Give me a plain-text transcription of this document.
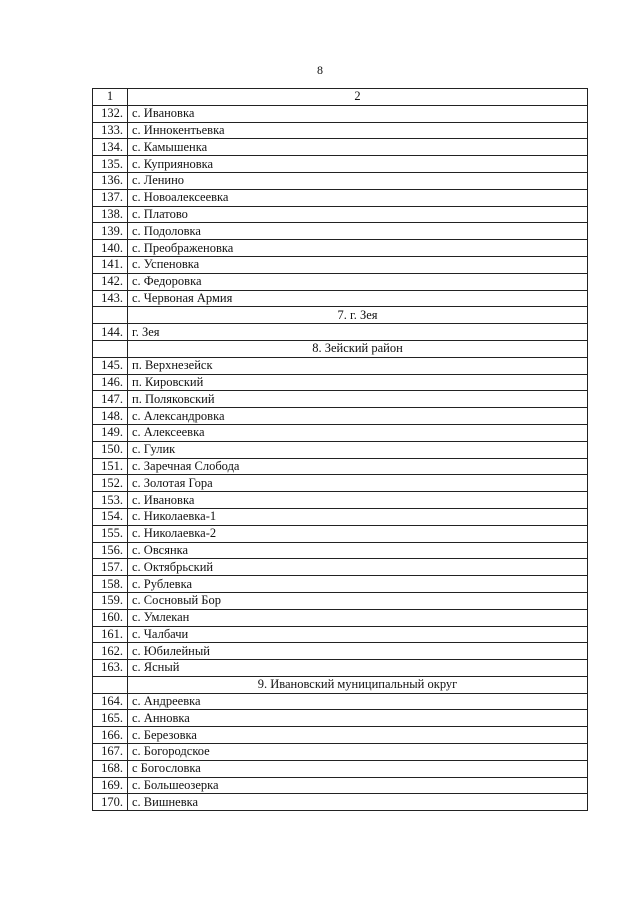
8
1	2
132.	с. Ивановка
133.	с. Иннокентьевка
134.	с. Камышенка
135.	с. Куприяновка
136.	с. Ленино
137.	с. Новоалексеевка
138.	с. Платово
139.	с. Подоловка
140.	с. Преображеновка
141.	с. Успеновка
142.	с. Федоровка
143.	с. Червоная Армия
	7. г. Зея
144.	г. Зея
	8. Зейский район
145.	п. Верхнезейск
146.	п. Кировский
147.	п. Поляковский
148.	с. Александровка
149.	с. Алексеевка
150.	с. Гулик
151.	с. Заречная Слобода
152.	с. Золотая Гора
153.	с. Ивановка
154.	с. Николаевка-1
155.	с. Николаевка-2
156.	с. Овсянка
157.	с. Октябрьский
158.	с. Рублевка
159.	с. Сосновый Бор
160.	с. Умлекан
161.	с. Чалбачи
162.	с. Юбилейный
163.	с. Ясный
	9. Ивановский муниципальный округ
164.	с. Андреевка
165.	с. Анновка
166.	с. Березовка
167.	с. Богородское
168.	с Богословка
169.	с. Большеозерка
170.	с. Вишневка
